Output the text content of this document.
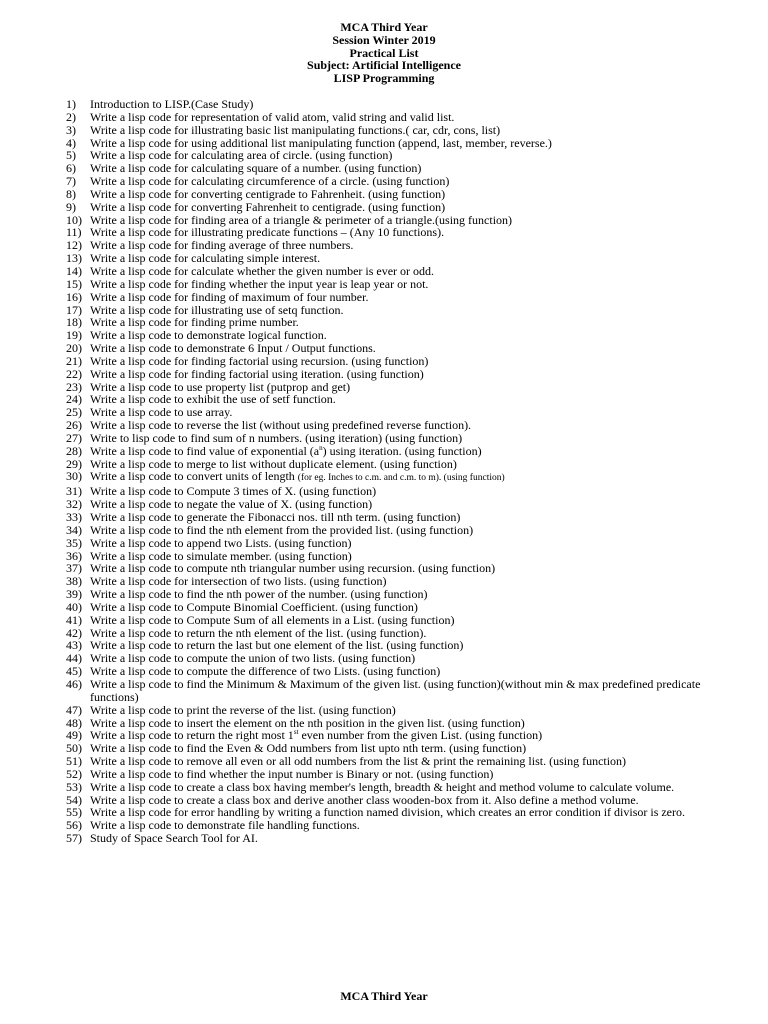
MCA Third Year
Session Winter 2019
Practical List
Subject: Artificial Intelligence
LISP Programming
1) Introduction to LISP.(Case Study)
2) Write a lisp code for representation of valid atom, valid string and valid list.
3) Write a lisp code for illustrating basic list manipulating functions.( car, cdr, cons, list)
4) Write a lisp code for using additional list manipulating function (append, last, member, reverse.)
5) Write a lisp code for calculating area of circle. (using function)
6) Write a lisp code for calculating square of a number. (using function)
7) Write a lisp code for calculating circumference of a circle. (using function)
8) Write a lisp code for converting centigrade to Fahrenheit. (using function)
9) Write a lisp code for converting Fahrenheit to centigrade. (using function)
10) Write a lisp code for finding area of a triangle & perimeter of a triangle.(using function)
11) Write a lisp code for illustrating predicate functions – (Any 10 functions).
12) Write a lisp code for finding average of three numbers.
13) Write a lisp code for calculating simple interest.
14) Write a lisp code for calculate whether the given number is ever or odd.
15) Write a lisp code for finding whether the input year is leap year or not.
16) Write a lisp code for finding of maximum of four number.
17) Write a lisp code for illustrating use of setq function.
18) Write a lisp code for finding prime number.
19) Write a lisp code to demonstrate logical function.
20) Write a lisp code to demonstrate 6 Input / Output functions.
21) Write a lisp code for finding factorial using recursion. (using function)
22) Write a lisp code for finding factorial using iteration. (using function)
23) Write a lisp code to use property list (putprop and get)
24) Write a lisp code to exhibit the use of setf function.
25) Write a lisp code to use array.
26) Write a lisp code to reverse the list (without using predefined reverse function).
27) Write to lisp code to find sum of n numbers. (using iteration) (using function)
28) Write a lisp code to find value of exponential $(a^n)$ using iteration. (using function)
29) Write a lisp code to merge to list without duplicate element. (using function)
30) Write a lisp code to convert units of length (for eg. Inches to c.m. and c.m. to m). (using function)
31) Write a lisp code to Compute 3 times of X. (using function)
32) Write a lisp code to negate the value of X. (using function)
33) Write a lisp code to generate the Fibonacci nos. till nth term. (using function)
34) Write a lisp code to find the nth element from the provided list. (using function)
35) Write a lisp code to append two Lists. (using function)
36) Write a lisp code to simulate member. (using function)
37) Write a lisp code to compute nth triangular number using recursion. (using function)
38) Write a lisp code for intersection of two lists. (using function)
39) Write a lisp code to find the nth power of the number. (using function)
40) Write a lisp code to Compute Binomial Coefficient. (using function)
41) Write a lisp code to Compute Sum of all elements in a List. (using function)
42) Write a lisp code to return the nth element of the list. (using function).
43) Write a lisp code to return the last but one element of the list. (using function)
44) Write a lisp code to compute the union of two lists. (using function)
45) Write a lisp code to compute the difference of two Lists. (using function)
46) Write a lisp code to find the Minimum & Maximum of the given list. (using function)(without min & max predefined predicate functions)
47) Write a lisp code to print the reverse of the list. (using function)
48) Write a lisp code to insert the element on the nth position in the given list. (using function)
49) Write a lisp code to return the right most 1st even number from the given List. (using function)
50) Write a lisp code to find the Even & Odd numbers from list upto nth term. (using function)
51) Write a lisp code to remove all even or all odd numbers from the list & print the remaining list. (using function)
52) Write a lisp code to find whether the input number is Binary or not. (using function)
53) Write a lisp code to create a class box having member's length, breadth & height and method volume to calculate volume.
54) Write a lisp code to create a class box and derive another class wooden-box from it. Also define a method volume.
55) Write a lisp code for error handling by writing a function named division, which creates an error condition if divisor is zero.
56) Write a lisp code to demonstrate file handling functions.
57) Study of Space Search Tool for AI.
MCA Third Year
